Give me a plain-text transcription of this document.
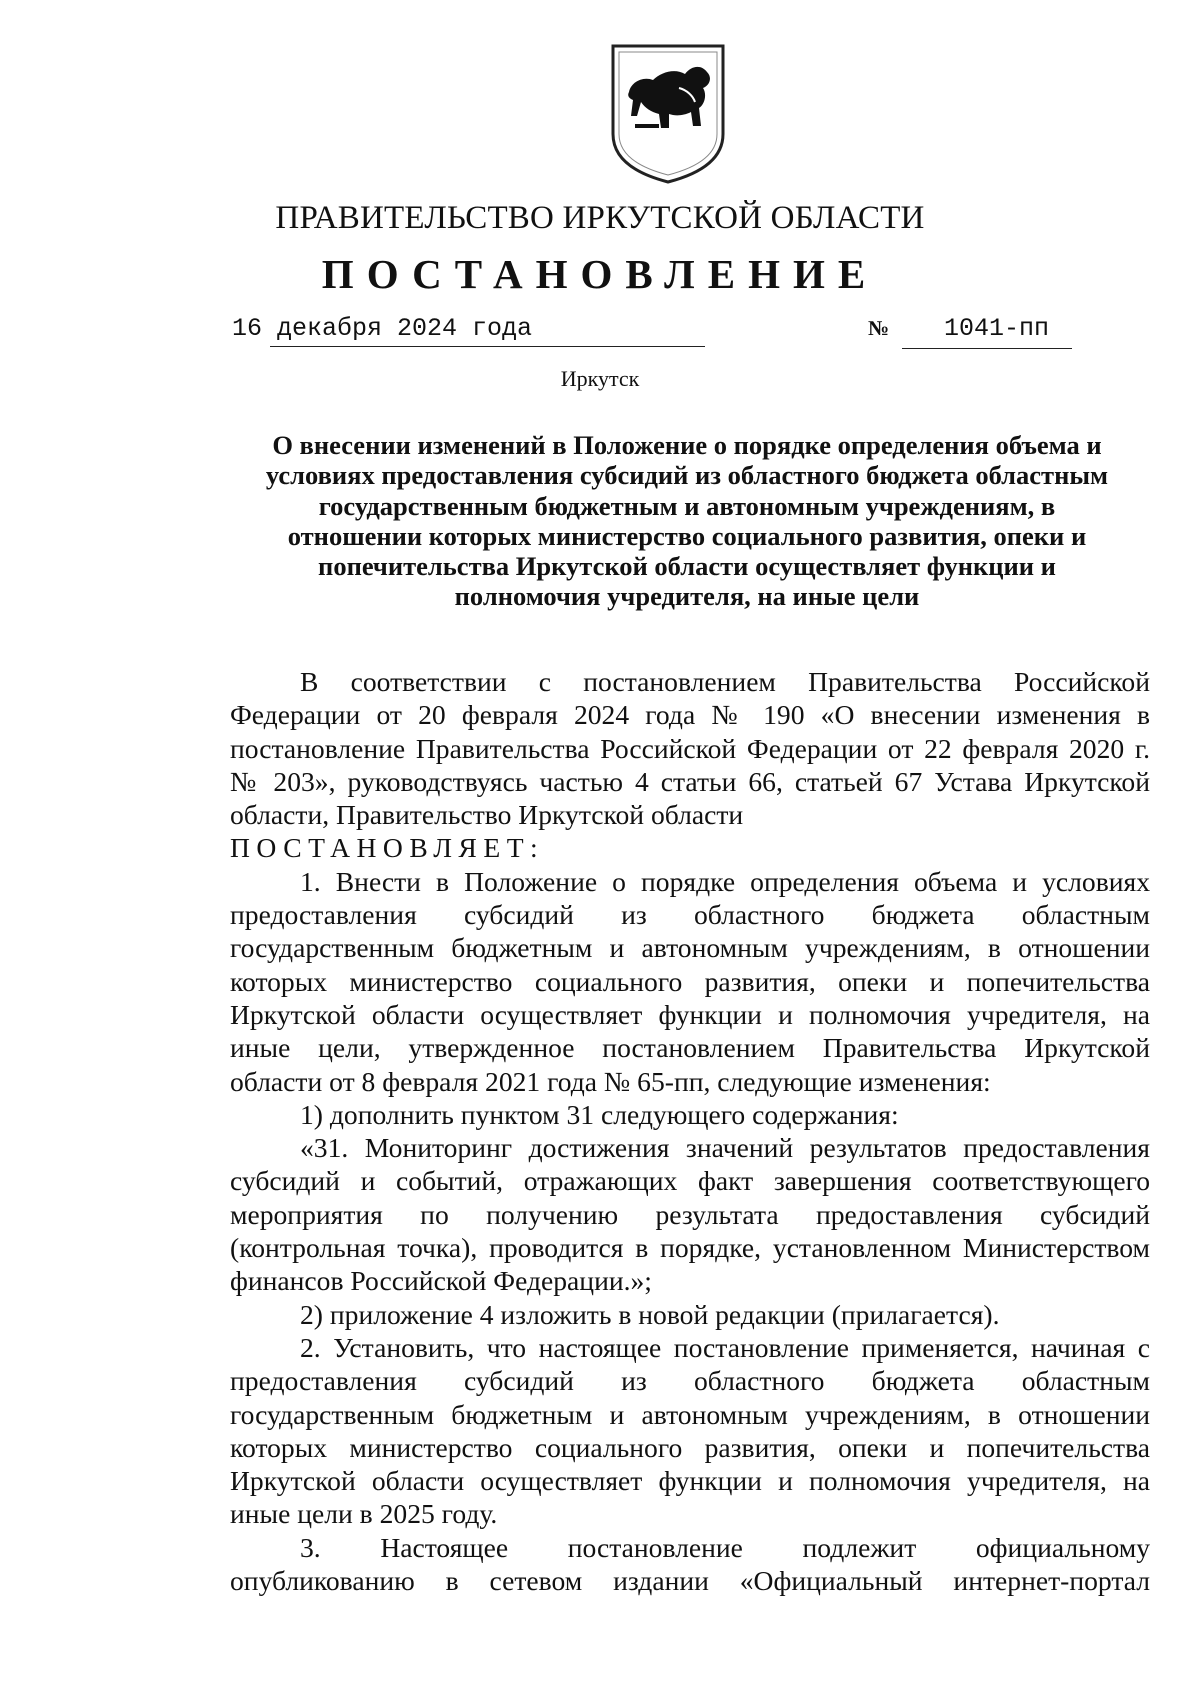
ПРАВИТЕЛЬСТВО ИРКУТСКОЙ ОБЛАСТИ
ПОСТАНОВЛЕНИЕ
16 декабря 2024 года	№ 1041-пп
Иркутск
О внесении изменений в Положение о порядке определения объема и
условиях предоставления субсидий из областного бюджета областным
государственным бюджетным и автономным учреждениям, в
отношении которых министерство социального развития, опеки и
попечительства Иркутской области осуществляет функции и
полномочия учредителя, на иные цели
В соответствии с постановлением Правительства Российской
Федерации от 20 февраля 2024 года № 190 «О внесении изменения в
постановление Правительства Российской Федерации от 22 февраля 2020 г.
№ 203», руководствуясь частью 4 статьи 66, статьей 67 Устава Иркутской
области, Правительство Иркутской области
ПОСТАНОВЛЯЕТ:
1. Внести в Положение о порядке определения объема и условиях
предоставления субсидий из областного бюджета областным
государственным бюджетным и автономным учреждениям, в отношении
которых министерство социального развития, опеки и попечительства
Иркутской области осуществляет функции и полномочия учредителя, на
иные цели, утвержденное постановлением Правительства Иркутской
области от 8 февраля 2021 года № 65-пп, следующие изменения:
1) дополнить пунктом 31 следующего содержания:
«31. Мониторинг достижения значений результатов предоставления
субсидий и событий, отражающих факт завершения соответствующего
мероприятия по получению результата предоставления субсидий
(контрольная точка), проводится в порядке, установленном Министерством
финансов Российской Федерации.»;
2) приложение 4 изложить в новой редакции (прилагается).
2. Установить, что настоящее постановление применяется, начиная с
предоставления субсидий из областного бюджета областным
государственным бюджетным и автономным учреждениям, в отношении
которых министерство социального развития, опеки и попечительства
Иркутской области осуществляет функции и полномочия учредителя, на
иные цели в 2025 году.
3. Настоящее постановление подлежит официальному
опубликованию в сетевом издании «Официальный интернет-портал
